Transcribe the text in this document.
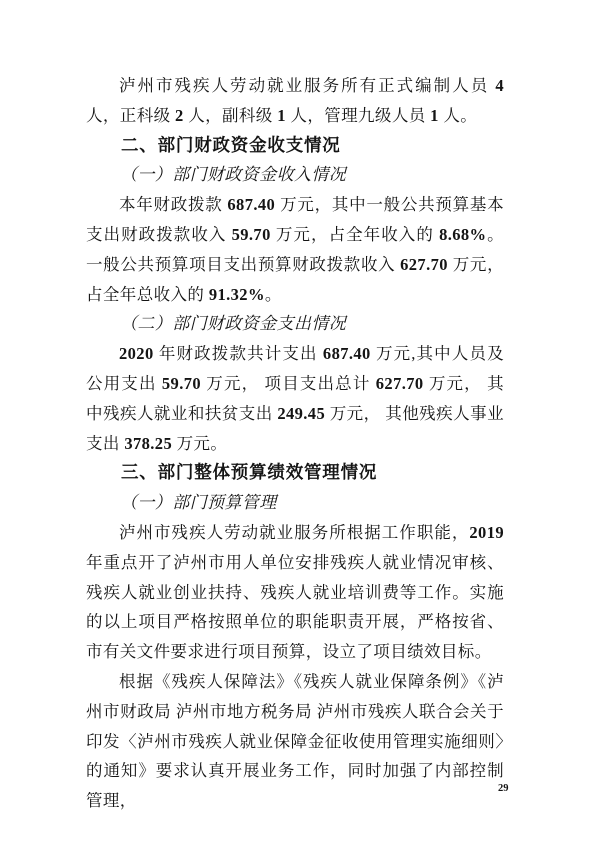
泸州市残疾人劳动就业服务所有正式编制人员 4 人，正科级 2 人，副科级 1 人，管理九级人员 1 人。

二、部门财政资金收支情况

（一）部门财政资金收入情况

本年财政拨款 687.40 万元，其中一般公共预算基本支出财政拨款收入 59.70 万元，占全年收入的 8.68%。一般公共预算项目支出预算财政拨款收入 627.70 万元，占全年总收入的 91.32%。

（二）部门财政资金支出情况

2020 年财政拨款共计支出 687.40 万元,其中人员及公用支出 59.70 万元， 项目支出总计 627.70 万元， 其中残疾人就业和扶贫支出 249.45 万元， 其他残疾人事业支出 378.25 万元。

三、部门整体预算绩效管理情况

（一）部门预算管理

泸州市残疾人劳动就业服务所根据工作职能，2019 年重点开了泸州市用人单位安排残疾人就业情况审核、残疾人就业创业扶持、残疾人就业培训费等工作。实施的以上项目严格按照单位的职能职责开展，严格按省、市有关文件要求进行项目预算，设立了项目绩效目标。

根据《残疾人保障法》《残疾人就业保障条例》《泸州市财政局 泸州市地方税务局 泸州市残疾人联合会关于印发〈泸州市残疾人就业保障金征收使用管理实施细则〉的通知》要求认真开展业务工作，同时加强了内部控制管理，

29
